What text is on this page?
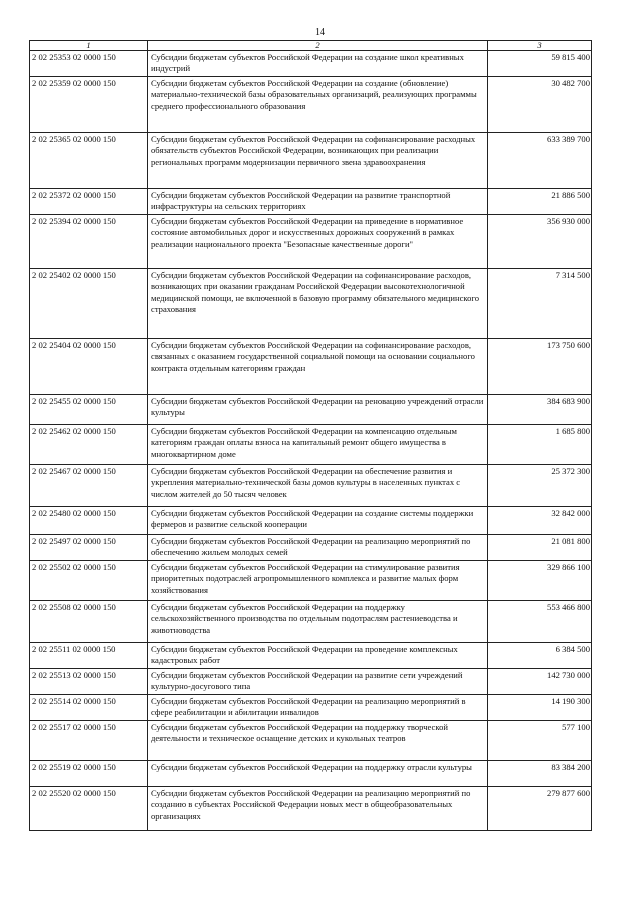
14
1	2	3
2 02 25353 02 0000 150	Субсидии бюджетам субъектов Российской Федерации на создание школ креативных индустрий	59 815 400
2 02 25359 02 0000 150	Субсидии бюджетам субъектов Российской Федерации на создание (обновление) материально-технической базы образовательных организаций, реализующих программы среднего профессионального образования	30 482 700
2 02 25365 02 0000 150	Субсидии бюджетам субъектов Российской Федерации на софинансирование расходных обязательств субъектов Российской Федерации, возникающих при реализации региональных программ модернизации первичного звена здравоохранения	633 389 700
2 02 25372 02 0000 150	Субсидии бюджетам субъектов Российской Федерации на развитие транспортной инфраструктуры на сельских территориях	21 886 500
2 02 25394 02 0000 150	Субсидии бюджетам субъектов Российской Федерации на приведение в нормативное состояние автомобильных дорог и искусственных дорожных сооружений в рамках реализации национального проекта "Безопасные качественные дороги"	356 930 000
2 02 25402 02 0000 150	Субсидии бюджетам субъектов Российской Федерации на софинансирование расходов, возникающих при оказании гражданам Российской Федерации высокотехнологичной медицинской помощи, не включенной в базовую программу обязательного медицинского страхования	7 314 500
2 02 25404 02 0000 150	Субсидии бюджетам субъектов Российской Федерации на софинансирование расходов, связанных с оказанием государственной социальной помощи на основании социального контракта отдельным категориям граждан	173 750 600
2 02 25455 02 0000 150	Субсидии бюджетам субъектов Российской Федерации на реновацию учреждений отрасли культуры	384 683 900
2 02 25462 02 0000 150	Субсидии бюджетам субъектов Российской Федерации на компенсацию отдельным категориям граждан оплаты взноса на капитальный ремонт общего имущества в многоквартирном доме	1 685 800
2 02 25467 02 0000 150	Субсидии бюджетам субъектов Российской Федерации на обеспечение развития и укрепления материально-технической базы домов культуры в населенных пунктах с числом жителей до 50 тысяч человек	25 372 300
2 02 25480 02 0000 150	Субсидии бюджетам субъектов Российской Федерации на создание системы поддержки фермеров и развитие сельской кооперации	32 842 000
2 02 25497 02 0000 150	Субсидии бюджетам субъектов Российской Федерации на реализацию мероприятий по обеспечению жильем молодых семей	21 081 800
2 02 25502 02 0000 150	Субсидии бюджетам субъектов Российской Федерации на стимулирование развития приоритетных подотраслей агропромышленного комплекса и развитие малых форм хозяйствования	329 866 100
2 02 25508 02 0000 150	Субсидии бюджетам субъектов Российской Федерации на поддержку сельскохозяйственного производства по отдельным подотраслям растениеводства и животноводства	553 466 800
2 02 25511 02 0000 150	Субсидии бюджетам субъектов Российской Федерации на проведение комплексных кадастровых работ	6 384 500
2 02 25513 02 0000 150	Субсидии бюджетам субъектов Российской Федерации на развитие сети учреждений культурно-досугового типа	142 730 000
2 02 25514 02 0000 150	Субсидии бюджетам субъектов Российской Федерации на реализацию мероприятий в сфере реабилитации и абилитации инвалидов	14 190 300
2 02 25517 02 0000 150	Субсидии бюджетам субъектов Российской Федерации на поддержку творческой деятельности и техническое оснащение детских и кукольных театров	577 100
2 02 25519 02 0000 150	Субсидии бюджетам субъектов Российской Федерации на поддержку отрасли культуры	83 384 200
2 02 25520 02 0000 150	Субсидии бюджетам субъектов Российской Федерации на реализацию мероприятий по созданию в субъектах Российской Федерации новых мест в общеобразовательных организациях	279 877 600
